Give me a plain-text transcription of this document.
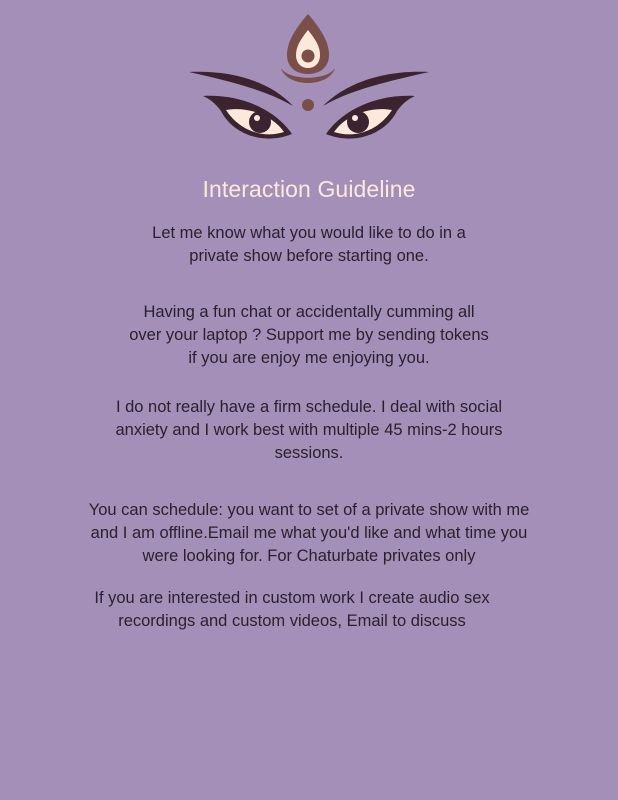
Interaction Guideline
Let me know what you would like to do in a private show before starting one.
Having a fun chat or accidentally cumming all over your laptop ? Support me by sending tokens if you are enjoy me enjoying you.
I do not really have a firm schedule. I deal with social anxiety and I work best with multiple 45 mins-2 hours sessions.
You can schedule: you want to set of a private show with me and I am offline.Email me what you'd like and what time you were looking for. For Chaturbate privates only
If you are interested in custom work I create audio sex recordings and custom videos, Email to discuss
